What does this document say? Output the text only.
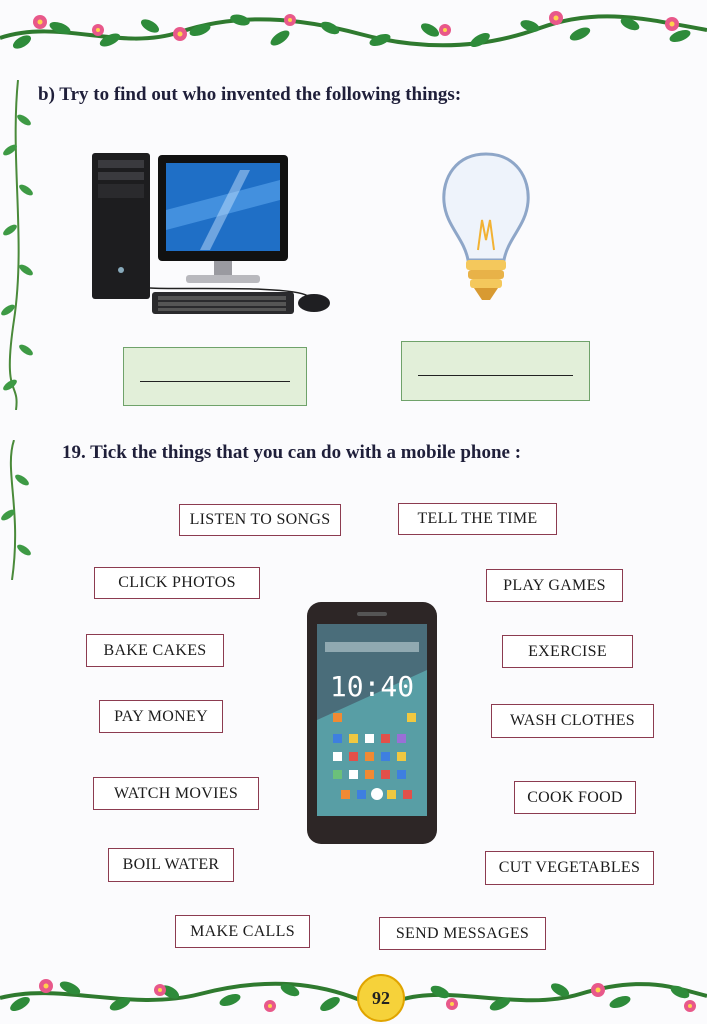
b) Try to find out who invented the following things:
19. Tick the things that you can do with a mobile phone :
LISTEN TO SONGS	TELL THE TIME
CLICK PHOTOS	PLAY GAMES
BAKE CAKES	EXERCISE
PAY MONEY	WASH CLOTHES
WATCH MOVIES	COOK FOOD
BOIL WATER	CUT VEGETABLES
MAKE CALLS	SEND MESSAGES
10:40
92
